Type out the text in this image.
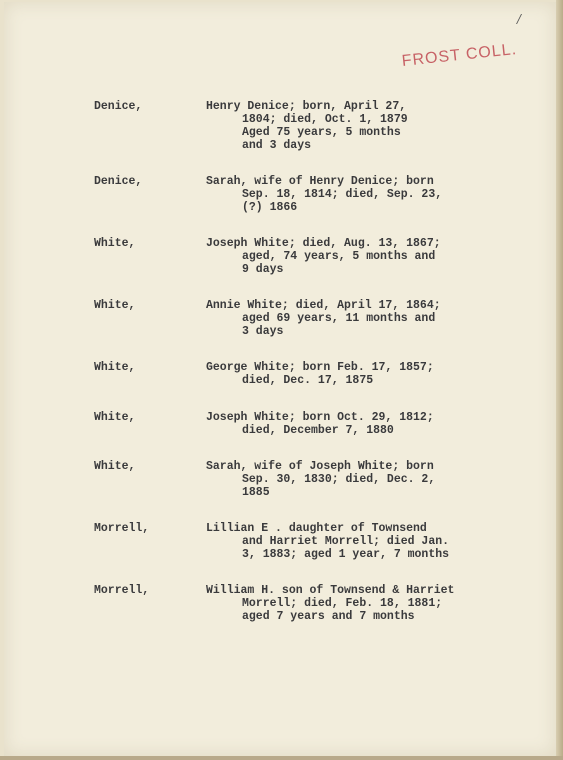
/
FROST COLL.
Denice,	Henry Denice; born, April 27,
1804; died, Oct. 1, 1879
Aged 75 years, 5 months
and 3 days
Denice,	Sarah, wife of Henry Denice; born
Sep. 18, 1814; died, Sep. 23,
(?) 1866
White,	Joseph White; died, Aug. 13, 1867;
aged, 74 years, 5 months and
9 days
White,	Annie White; died, April 17, 1864;
aged 69 years, 11 months and
3 days
White,	George White; born Feb. 17, 1857;
died, Dec. 17, 1875
White,	Joseph White; born Oct. 29, 1812;
died, December 7, 1880
White,	Sarah, wife of Joseph White; born
Sep. 30, 1830; died, Dec. 2,
1885
Morrell,	Lillian E . daughter of Townsend
and Harriet Morrell; died Jan.
3, 1883; aged 1 year, 7 months
Morrell,	William H. son of Townsend & Harriet
Morrell; died, Feb. 18, 1881;
aged 7 years and 7 months
